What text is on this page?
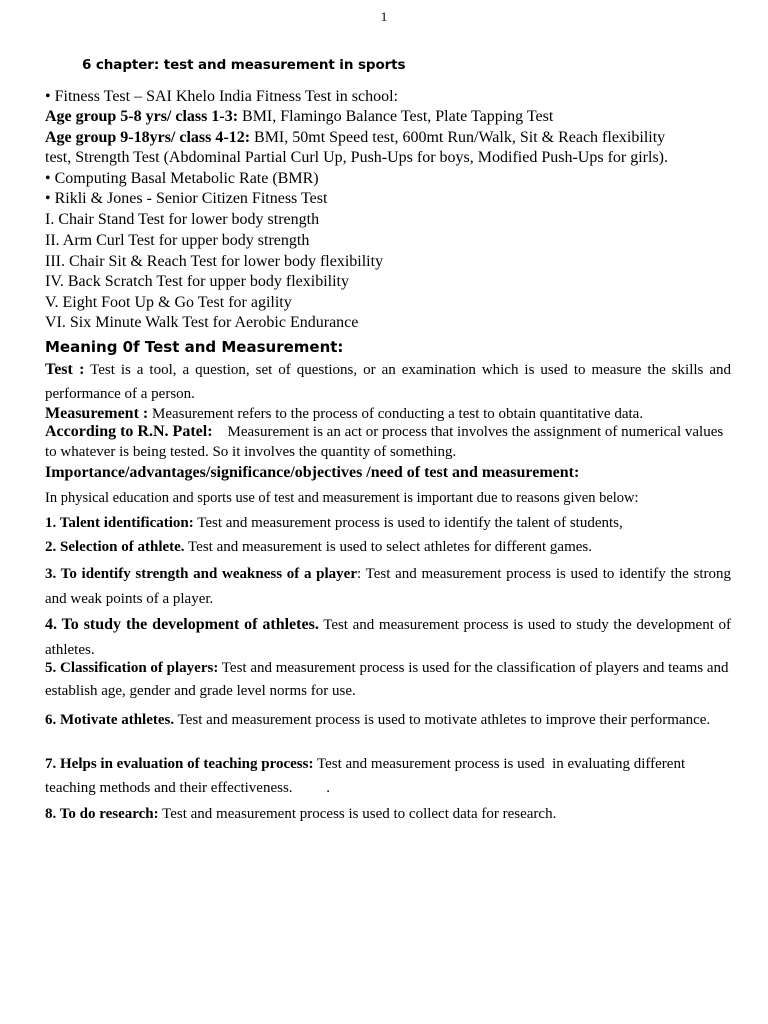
1
6 chapter: test and measurement in sports
• Fitness Test – SAI Khelo India Fitness Test in school:
Age group 5-8 yrs/ class 1-3: BMI, Flamingo Balance Test, Plate Tapping Test
Age group 9-18yrs/ class 4-12: BMI, 50mt Speed test, 600mt Run/Walk, Sit & Reach flexibility
test, Strength Test (Abdominal Partial Curl Up, Push-Ups for boys, Modified Push-Ups for girls).
• Computing Basal Metabolic Rate (BMR)
• Rikli & Jones - Senior Citizen Fitness Test
I. Chair Stand Test for lower body strength
II. Arm Curl Test for upper body strength
III. Chair Sit & Reach Test for lower body flexibility
IV. Back Scratch Test for upper body flexibility
V. Eight Foot Up & Go Test for agility
VI. Six Minute Walk Test for Aerobic Endurance
Meaning 0f Test and Measurement:
Test : Test is a tool, a question, set of questions, or an examination which is used to measure the skills and performance of a person.
Measurement : Measurement refers to the process of conducting a test to obtain quantitative data.
According to R.N. Patel:    Measurement is an act or process that involves the assignment of numerical values to whatever is being tested. So it involves the quantity of something.
Importance/advantages/significance/objectives /need of test and measurement:
In physical education and sports use of test and measurement is important due to reasons given below:
1. Talent identification: Test and measurement process is used to identify the talent of students,
2. Selection of athlete. Test and measurement is used to select athletes for different games.
3. To identify strength and weakness of a player: Test and measurement process is used to identify the strong and weak points of a player.
4. To study the development of athletes. Test and measurement process is used to study the development of athletes.
5. Classification of players: Test and measurement process is used for the classification of players and teams and establish age, gender and grade level norms for use.
6. Motivate athletes. Test and measurement process is used to motivate athletes to improve their performance.
7. Helps in evaluation of teaching process: Test and measurement process is used  in evaluating different teaching methods and their effectiveness.         .
8. To do research: Test and measurement process is used to collect data for research.
